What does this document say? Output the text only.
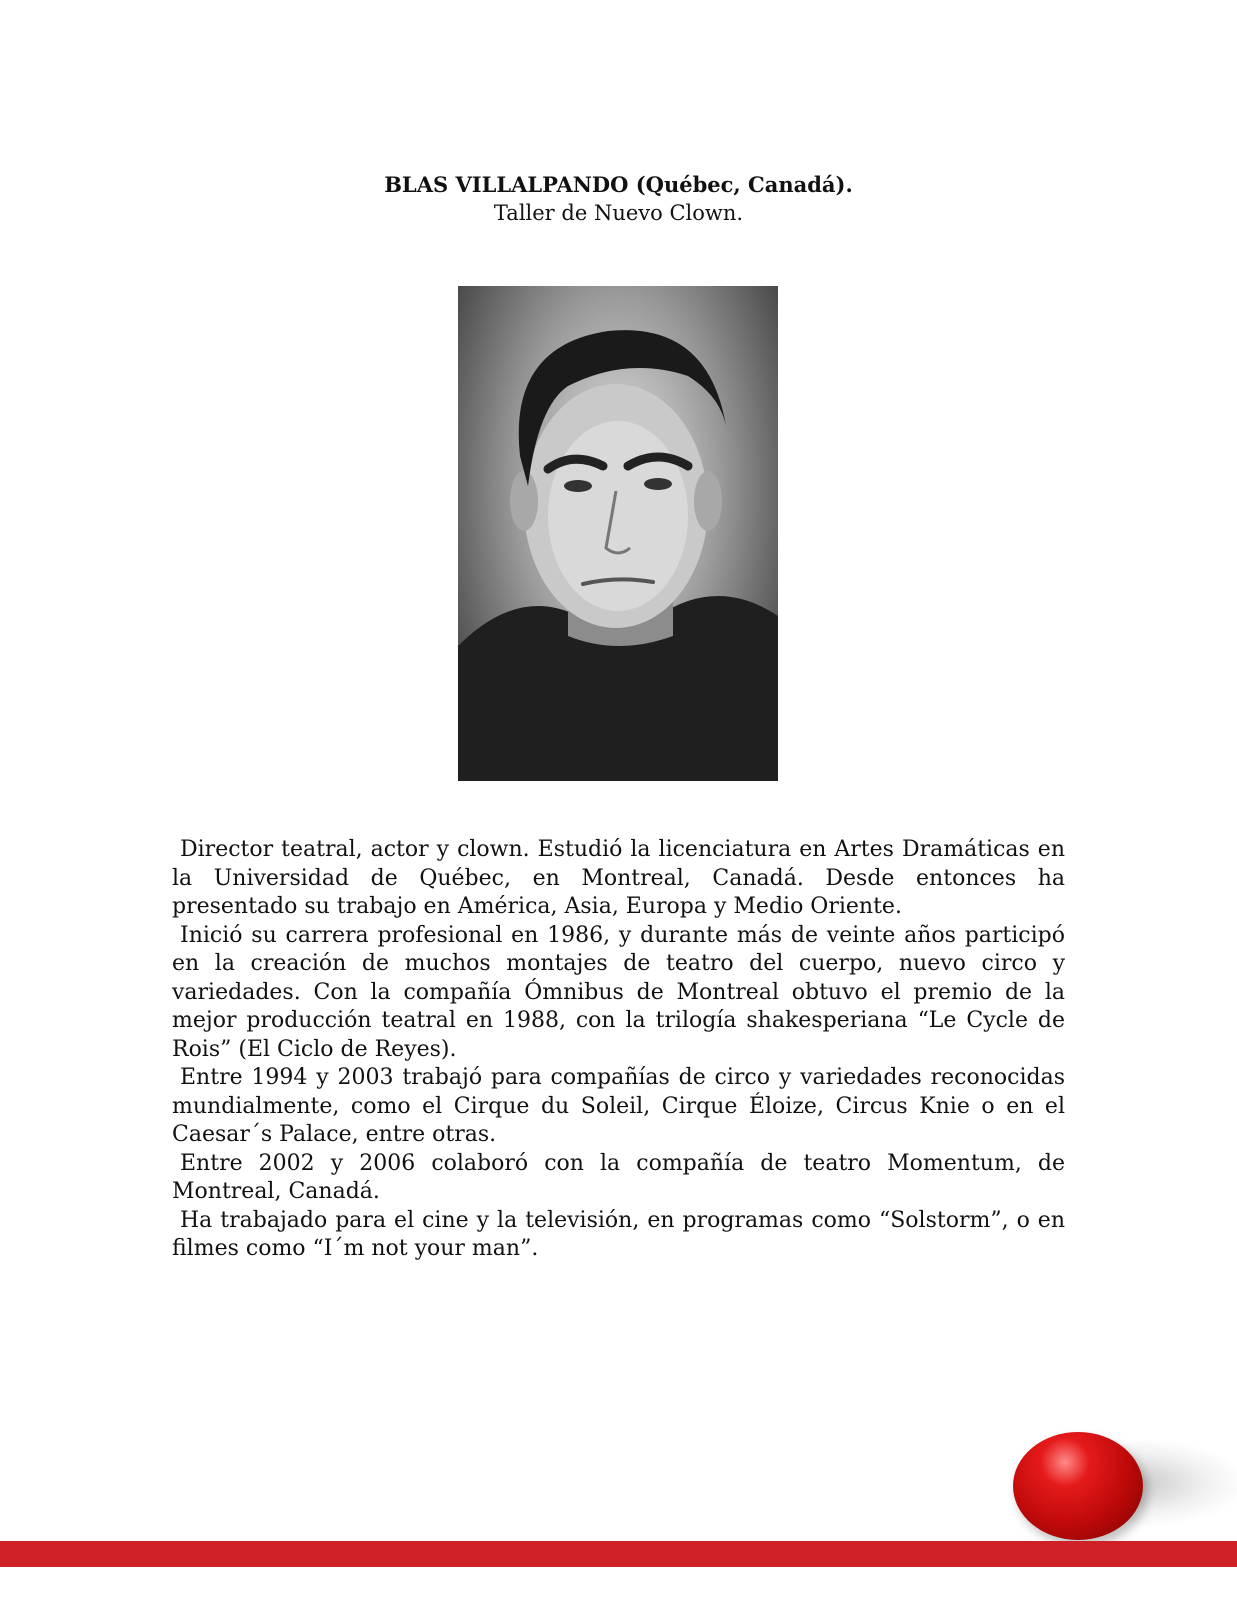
BLAS VILLALPANDO (Québec, Canadá).

Taller de Nuevo Clown.

Director teatral, actor y clown. Estudió la licenciatura en Artes Dramáticas en la Universidad de Québec, en Montreal, Canadá. Desde entonces ha presentado su trabajo en América, Asia, Europa y Medio Oriente.

Inició su carrera profesional en 1986, y durante más de veinte años participó en la creación de muchos montajes de teatro del cuerpo, nuevo circo y variedades. Con la compañía Ómnibus de Montreal obtuvo el premio de la mejor producción teatral en 1988, con la trilogía shakesperiana “Le Cycle de Rois” (El Ciclo de Reyes).

Entre 1994 y 2003 trabajó para compañías de circo y variedades reconocidas mundialmente, como el Cirque du Soleil, Cirque Éloize, Circus Knie o en el Caesar´s Palace, entre otras.

Entre 2002 y 2006 colaboró con la compañía de teatro Momentum, de Montreal, Canadá.

Ha trabajado para el cine y la televisión, en programas como “Solstorm”, o en filmes como “I´m not your man”.
